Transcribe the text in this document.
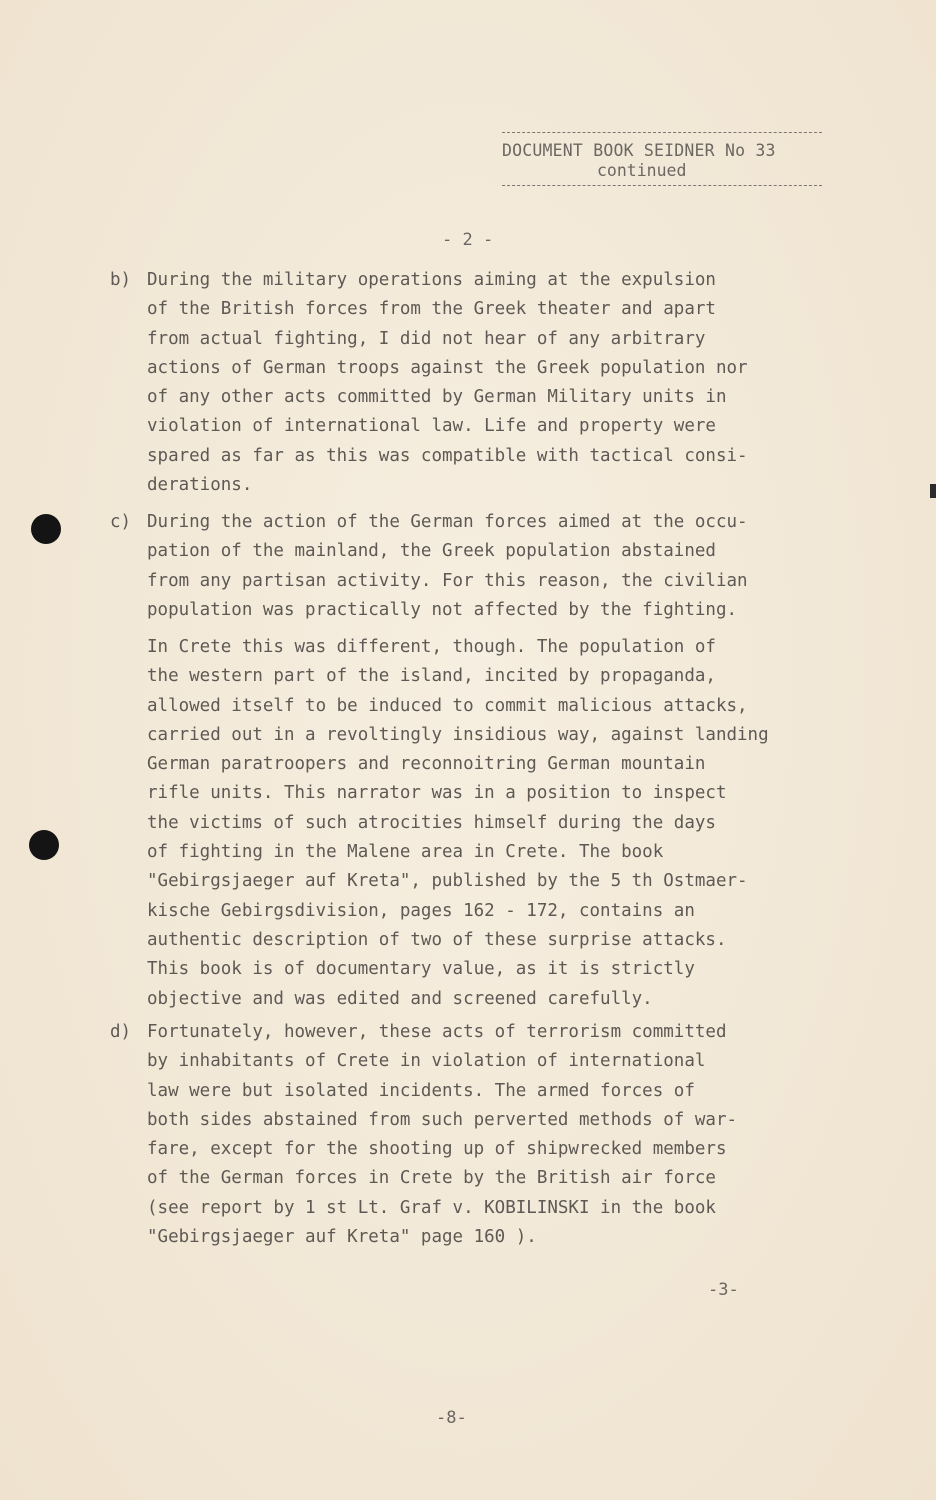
DOCUMENT BOOK SEIDNER No 33
continued
- 2 -
b) During the military operations aiming at the expulsion
of the British forces from the Greek theater and apart
from actual fighting, I did not hear of any arbitrary
actions of German troops against the Greek population nor
of any other acts committed by German Military units in
violation of international law. Life and property were
spared as far as this was compatible with tactical consi-
derations.
c) During the action of the German forces aimed at the occu-
pation of the mainland, the Greek population abstained
from any partisan activity. For this reason, the civilian
population was practically not affected by the fighting.
In Crete this was different, though. The population of
the western part of the island, incited by propaganda,
allowed itself to be induced to commit malicious attacks,
carried out in a revoltingly insidious way, against landing
German paratroopers and reconnoitring German mountain
rifle units. This narrator was in a position to inspect
the victims of such atrocities himself during the days
of fighting in the Malene area in Crete. The book
"Gebirgsjaeger auf Kreta", published by the 5 th Ostmaer-
kische Gebirgsdivision, pages 162 - 172, contains an
authentic description of two of these surprise attacks.
This book is of documentary value, as it is strictly
objective and was edited and screened carefully.
d) Fortunately, however, these acts of terrorism committed
by inhabitants of Crete in violation of international
law were but isolated incidents. The armed forces of
both sides abstained from such perverted methods of war-
fare, except for the shooting up of shipwrecked members
of the German forces in Crete by the British air force
(see report by 1 st Lt. Graf v. KOBILINSKI in the book
"Gebirgsjaeger auf Kreta" page 160 ).
-3-
-8-
